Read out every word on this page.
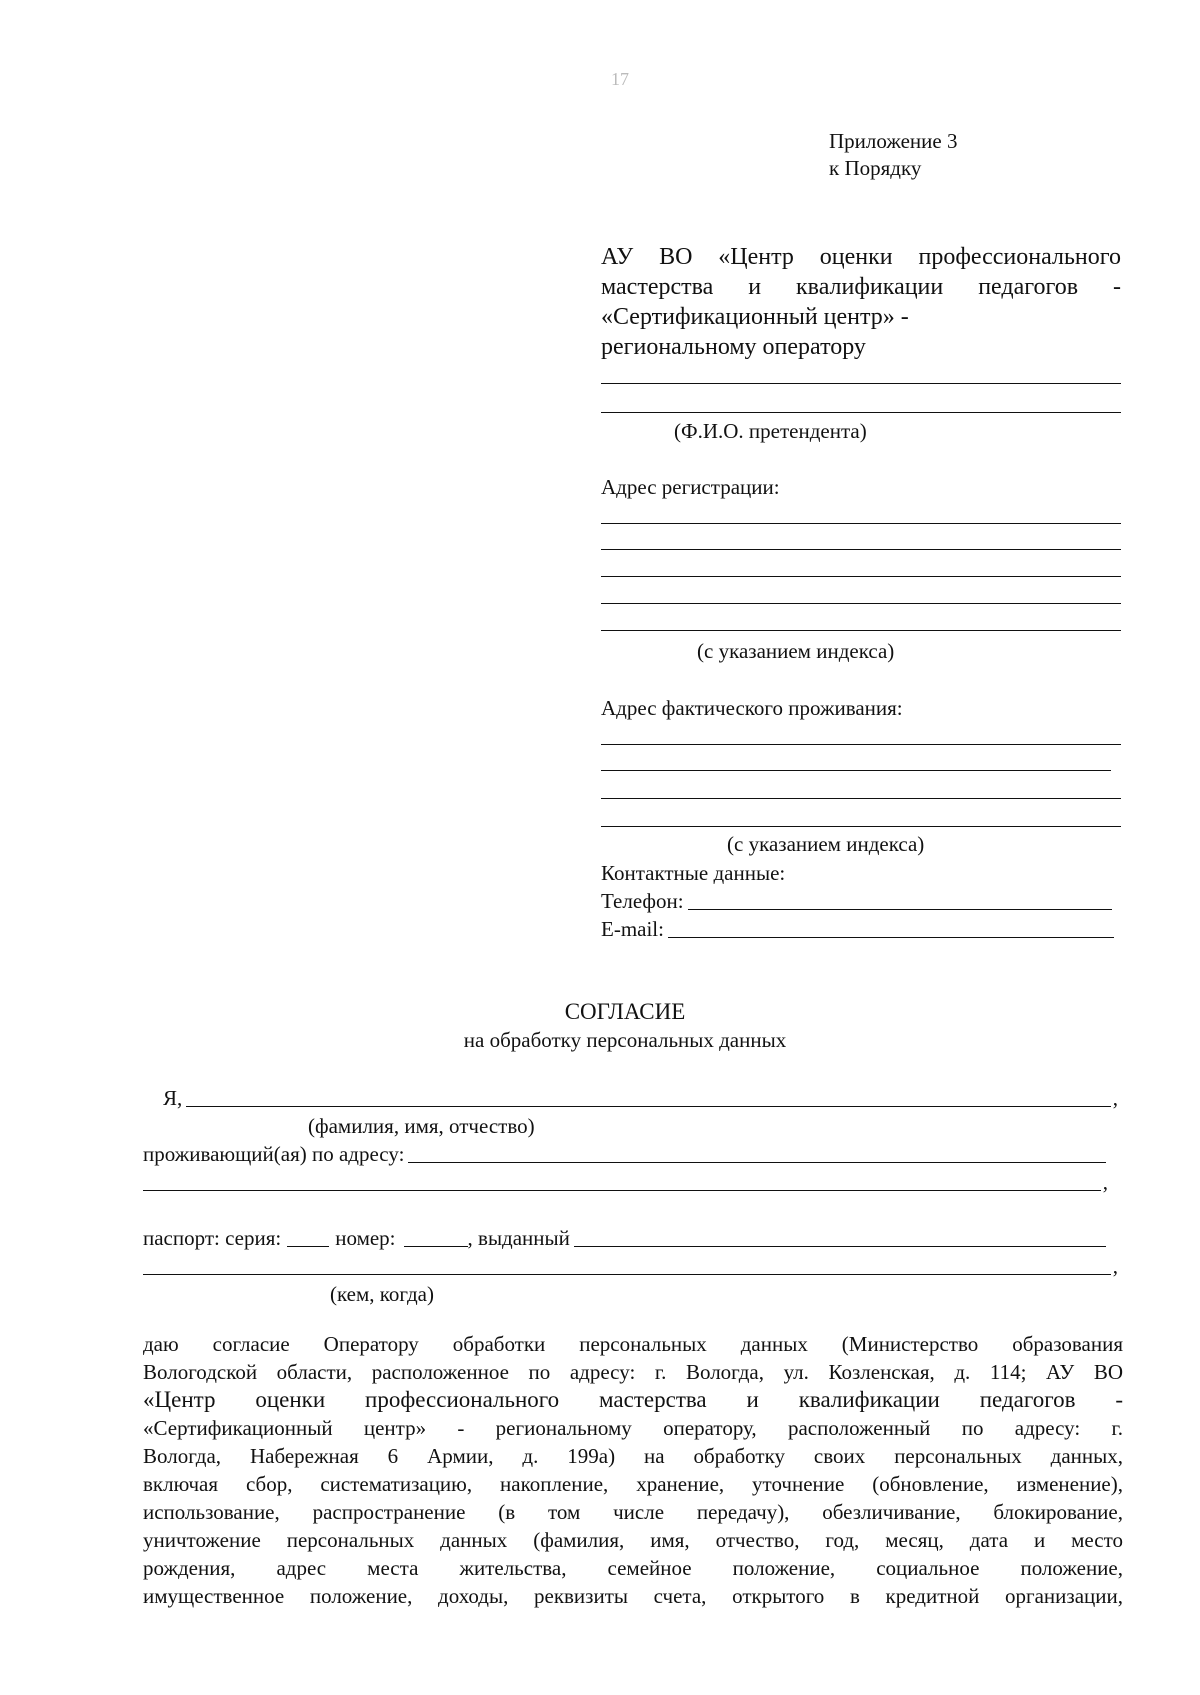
17
Приложение 3
к Порядку
АУ ВО «Центр оценки профессионального
мастерства и квалификации педагогов -
«Сертификационный центр» -
региональному оператору
(Ф.И.О. претендента)
Адрес регистрации:
(с указанием индекса)
Адрес фактического проживания:
(с указанием индекса)
Контактные данные:
Телефон:
E-mail:
СОГЛАСИЕ
на обработку персональных данных
Я,	,
(фамилия, имя, отчество)
проживающий(ая) по адресу:
,
паспорт: серия:	номер:	, выданный
,
(кем, когда)

даю согласие Оператору обработки персональных данных (Министерство образования

Вологодской области, расположенное по адресу: г. Вологда, ул. Козленская, д. 114; АУ ВО

«Центр оценки профессионального мастерства и квалификации педагогов -

«Сертификационный центр» - региональному оператору, расположенный по адресу: г.

Вологда, Набережная 6 Армии, д. 199а) на обработку своих персональных данных,

включая сбор, систематизацию, накопление, хранение, уточнение (обновление, изменение),

использование, распространение (в том числе передачу), обезличивание, блокирование,

уничтожение персональных данных (фамилия, имя, отчество, год, месяц, дата и место

рождения, адрес места жительства, семейное положение, социальное положение,

имущественное положение, доходы, реквизиты счета, открытого в кредитной организации,
